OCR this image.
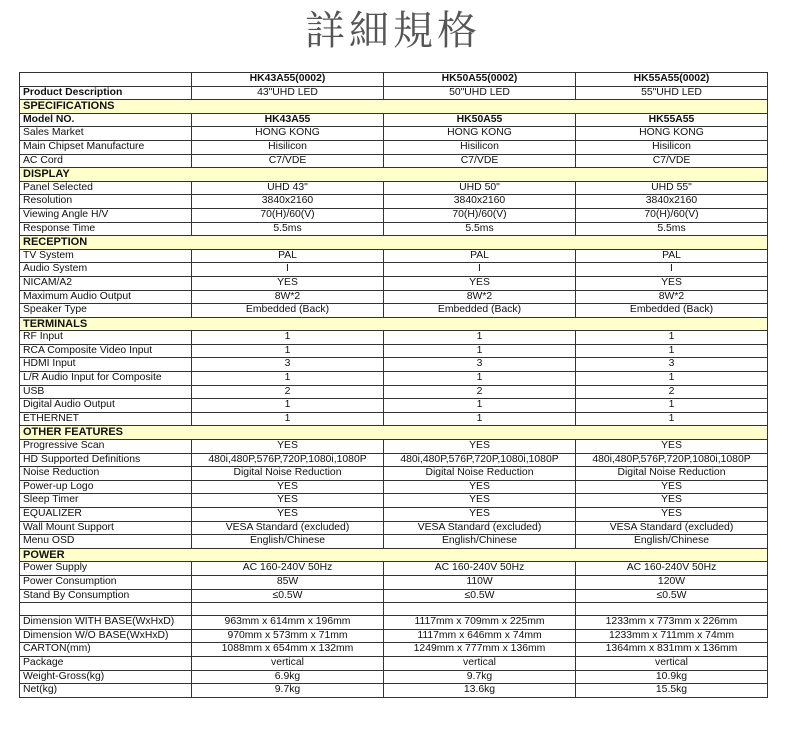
詳細規格
	HK43A55(0002)	HK50A55(0002)	HK55A55(0002)
Product Description	43"UHD LED	50"UHD LED	55"UHD LED
SPECIFICATIONS			
Model NO.	HK43A55	HK50A55	HK55A55
Sales Market	HONG KONG	HONG KONG	HONG KONG
Main Chipset Manufacture	Hisilicon	Hisilicon	Hisilicon
AC Cord	C7/VDE	C7/VDE	C7/VDE
DISPLAY			
Panel Selected	UHD 43"	UHD 50"	UHD 55"
Resolution	3840x2160	3840x2160	3840x2160
Viewing Angle H/V	70(H)/60(V)	70(H)/60(V)	70(H)/60(V)
Response Time	5.5ms	5.5ms	5.5ms
RECEPTION			
TV System	PAL	PAL	PAL
Audio System	I	I	I
NICAM/A2	YES	YES	YES
Maximum Audio Output	8W*2	8W*2	8W*2
Speaker Type	Embedded (Back)	Embedded (Back)	Embedded (Back)
TERMINALS			
RF Input	1	1	1
RCA Composite Video Input	1	1	1
HDMI Input	3	3	3
L/R Audio Input for Composite	1	1	1
USB	2	2	2
Digital Audio Output	1	1	1
ETHERNET	1	1	1
OTHER FEATURES			
Progressive Scan	YES	YES	YES
HD Supported Definitions	480i,480P,576P,720P,1080i,1080P	480i,480P,576P,720P,1080i,1080P	480i,480P,576P,720P,1080i,1080P
Noise Reduction	Digital Noise Reduction	Digital Noise Reduction	Digital Noise Reduction
Power-up Logo	YES	YES	YES
Sleep Timer	YES	YES	YES
EQUALIZER	YES	YES	YES
Wall Mount Support	VESA Standard (excluded)	VESA Standard (excluded)	VESA Standard (excluded)
Menu OSD	English/Chinese	English/Chinese	English/Chinese
POWER			
Power Supply	AC 160-240V 50Hz	AC 160-240V 50Hz	AC 160-240V 50Hz
Power Consumption	85W	110W	120W
Stand By Consumption	≤0.5W	≤0.5W	≤0.5W

Dimension WITH BASE(WxHxD)	963mm x 614mm x 196mm	1117mm x 709mm x 225mm	1233mm x 773mm x 226mm
Dimension W/O BASE(WxHxD)	970mm x 573mm x 71mm	1117mm x 646mm x 74mm	1233mm x 711mm x 74mm
CARTON(mm)	1088mm x 654mm x 132mm	1249mm x 777mm x 136mm	1364mm x 831mm x 136mm
Package	vertical	vertical	vertical
Weight-Gross(kg)	6.9kg	9.7kg	10.9kg
Net(kg)	9.7kg	13.6kg	15.5kg
